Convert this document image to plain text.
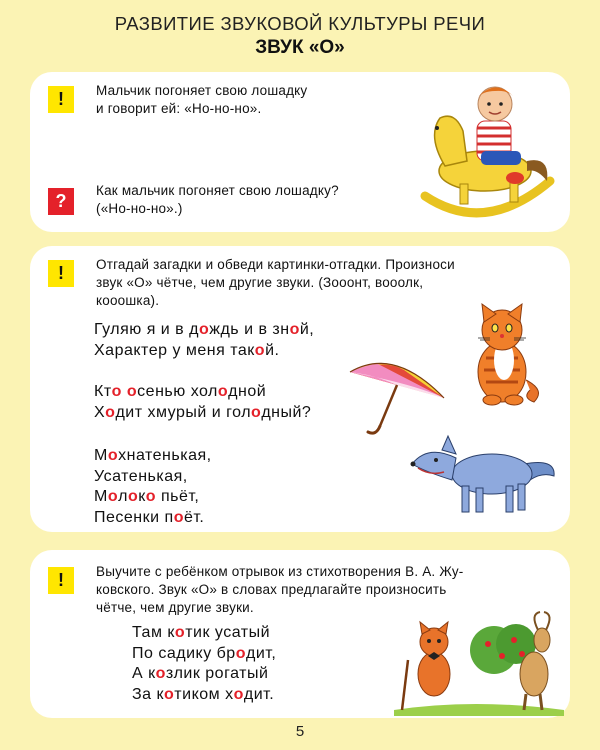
РАЗВИТИЕ ЗВУКОВОЙ КУЛЬТУРЫ РЕЧИ
ЗВУК «О»
!	Мальчик погоняет свою лошадку
и говорит ей: «Но-но-но».
?
Как мальчик погоняет свою лошадку?
(«Но-но-но».)
!	Отгадай загадки и обведи картинки-отгадки. Произноси
звук «О» чётче, чем другие звуки. (Зооонт, вооолк,
кооошка).
Гуляю я и в дождь и в зной,
Характер у меня такой.
Кто осенью холодной
Ходит хмурый и голодный?
Мохнатенькая,
Усатенькая,
Молоко пьёт,
Песенки поёт.
!	Выучите с ребёнком отрывок из стихотворения В. А. Жу-
ковского. Звук «О» в словах предлагайте произносить
чётче, чем другие звуки.
Там котик усатый
По садику бродит,
А козлик рогатый
За котиком ходит.
5
